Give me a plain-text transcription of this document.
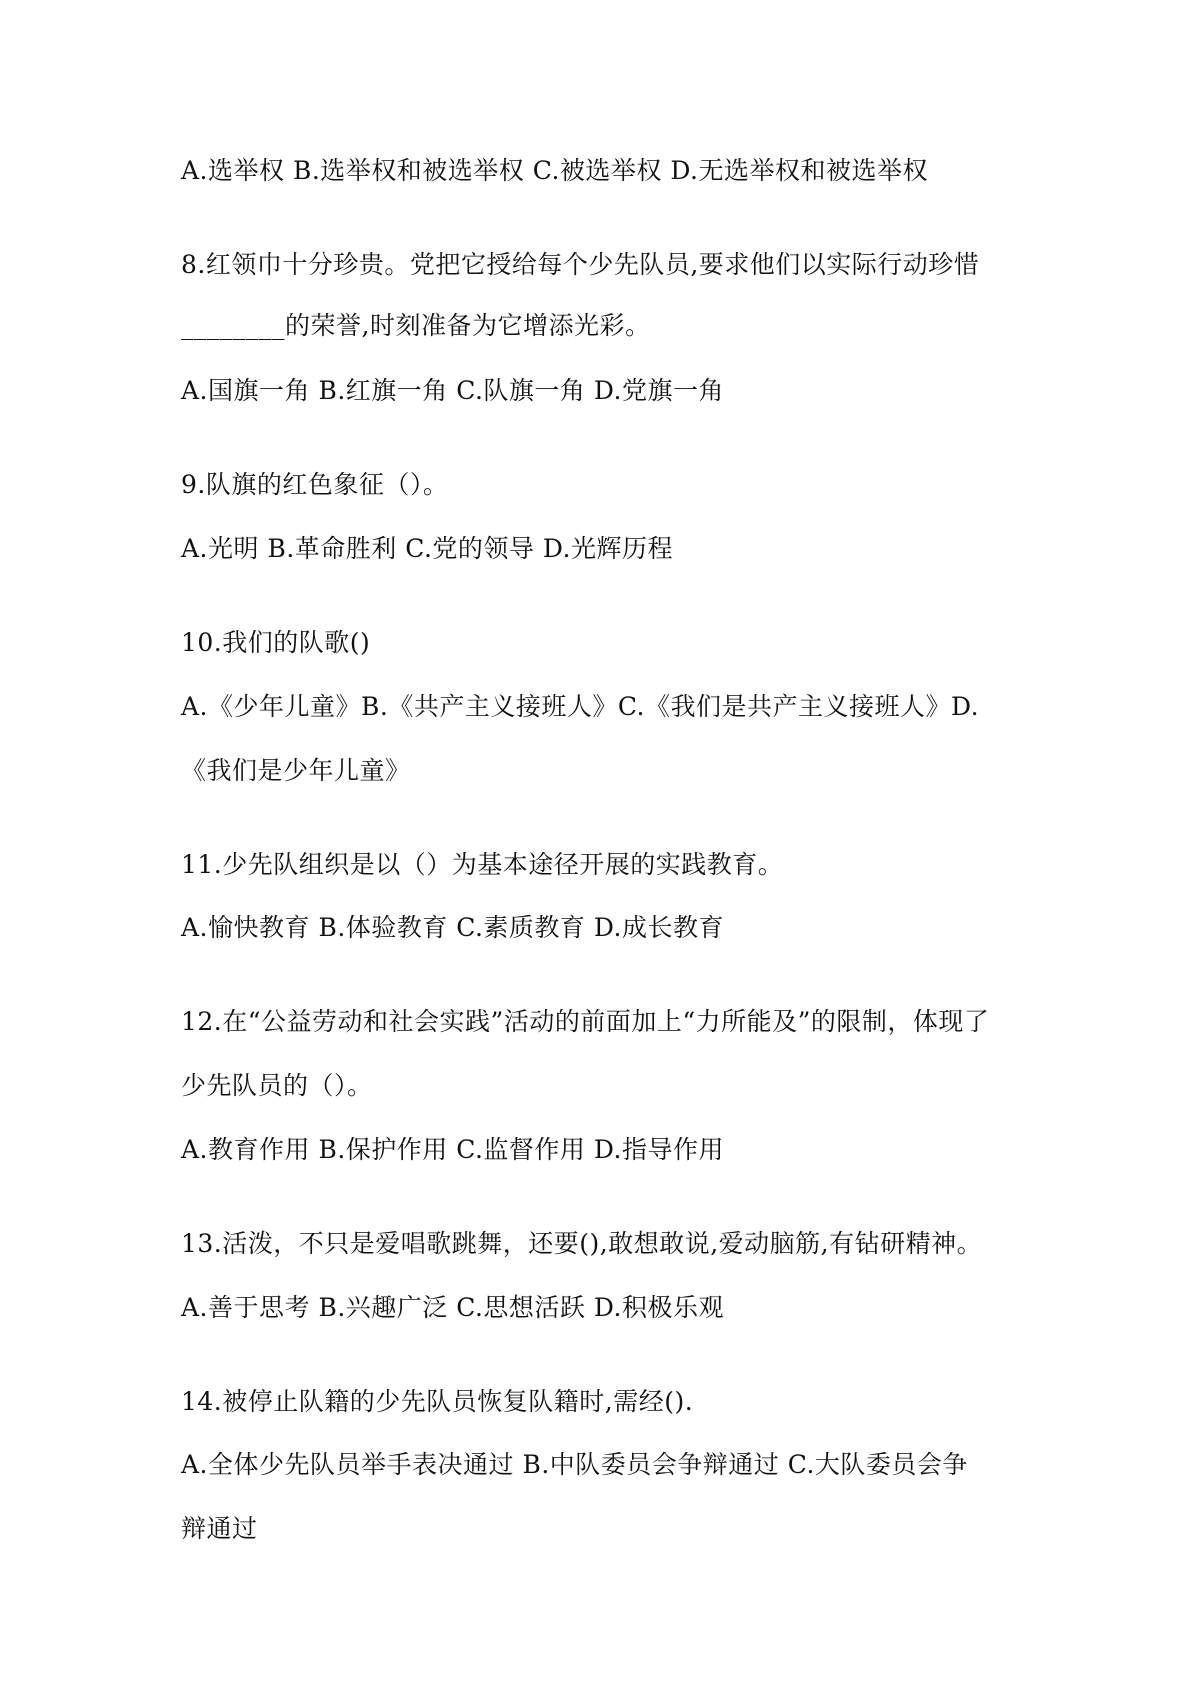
A.选举权 B.选举权和被选举权 C.被选举权 D.无选举权和被选举权
8.红领巾十分珍贵。党把它授给每个少先队员,要求他们以实际行动珍惜
________的荣誉,时刻准备为它增添光彩。
A.国旗一角 B.红旗一角 C.队旗一角 D.党旗一角
9.队旗的红色象征（）。
A.光明 B.革命胜利 C.党的领导 D.光辉历程
10.我们的队歌()
A.《少年儿童》B.《共产主义接班人》C.《我们是共产主义接班人》D.
《我们是少年儿童》
11.少先队组织是以（）为基本途径开展的实践教育。
A.愉快教育 B.体验教育 C.素质教育 D.成长教育
12.在“公益劳动和社会实践”活动的前面加上“力所能及”的限制，体现了
少先队员的（）。
A.教育作用 B.保护作用 C.监督作用 D.指导作用
13.活泼，不只是爱唱歌跳舞，还要(),敢想敢说,爱动脑筋,有钻研精神。
A.善于思考 B.兴趣广泛 C.思想活跃 D.积极乐观
14.被停止队籍的少先队员恢复队籍时,需经().
A.全体少先队员举手表决通过 B.中队委员会争辩通过 C.大队委员会争
辩通过
